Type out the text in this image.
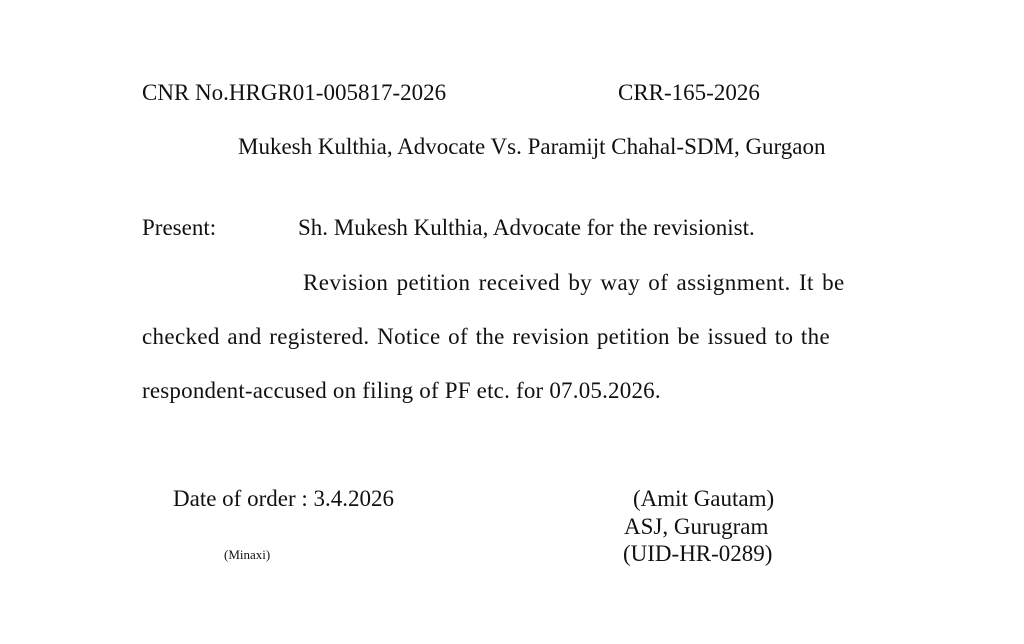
CNR No.HRGR01-005817-2026	CRR-165-2026
Mukesh Kulthia, Advocate Vs. Paramijt Chahal-SDM, Gurgaon
Present:	Sh. Mukesh Kulthia, Advocate for the revisionist.
Revision petition received by way of assignment. It be
checked and registered. Notice of the revision petition be issued to the
respondent-accused on filing of PF etc. for 07.05.2026.
Date of order : 3.4.2026
(Minaxi)
(Amit Gautam)
ASJ, Gurugram
(UID-HR-0289)
